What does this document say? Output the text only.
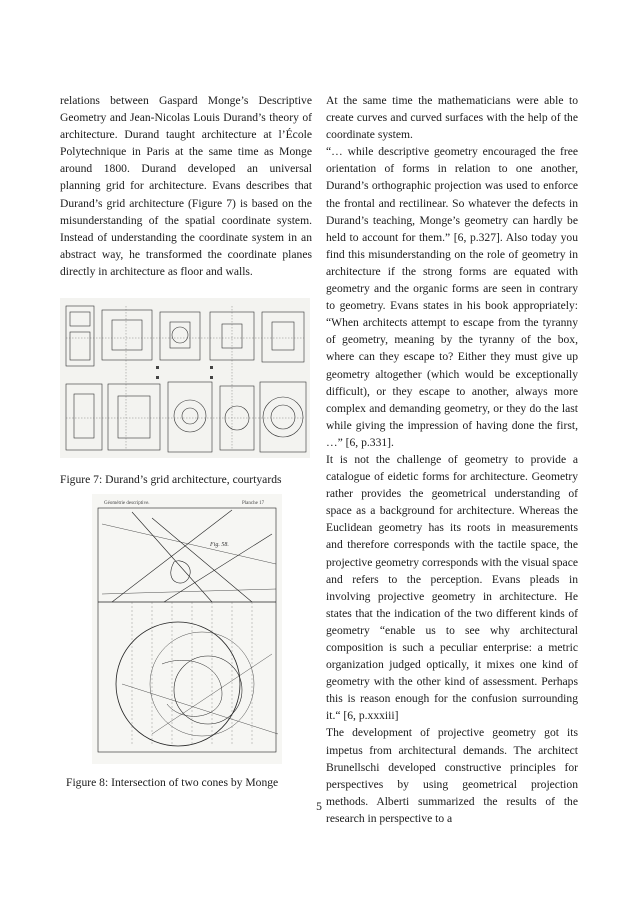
relations between Gaspard Monge’s Descriptive Geometry and Jean-Nicolas Louis Durand’s theory of architecture. Durand taught architecture at l’École Polytechnique in Paris at the same time as Monge around 1800. Durand developed an universal planning grid for architecture. Evans describes that Durand’s grid architecture (Figure 7) is based on the misunderstanding of the spatial coordinate system. Instead of understanding the coordinate system in an abstract way, he transformed the coordinate planes directly in architecture as floor and walls.

Figure 7: Durand’s grid architecture, courtyards
Géométrie descriptive.	Planche 17
Fig. 58.
Figure 8: Intersection of two cones by Monge

At the same time the mathematicians were able to create curves and curved surfaces with the help of the coordinate system.

“… while descriptive geometry encouraged the free orientation of forms in relation to one another, Durand’s orthographic projection was used to enforce the frontal and rectilinear. So whatever the defects in Durand’s teaching, Monge’s geometry can hardly be held to account for them.” [6, p.327]. Also today you find this misunderstanding on the role of geometry in architecture if the strong forms are equated with geometry and the organic forms are seen in contrary to geometry. Evans states in his book appropriately: “When architects attempt to escape from the tyranny of geometry, meaning by the tyranny of the box, where can they escape to? Either they must give up geometry altogether (which would be exceptionally difficult), or they escape to another, always more complex and demanding geometry, or they do the last while giving the impression of having done the first, …” [6, p.331].

It is not the challenge of geometry to provide a catalogue of eidetic forms for architecture. Geometry rather provides the geometrical understanding of space as a background for architecture. Whereas the Euclidean geometry has its roots in measurements and therefore corresponds with the tactile space, the projective geometry corresponds with the visual space and refers to the perception. Evans pleads in involving projective geometry in architecture. He states that the indication of the two different kinds of geometry “enable us to see why architectural composition is such a peculiar enterprise: a metric organization judged optically, it mixes one kind of geometry with the other kind of assessment. Perhaps this is reason enough for the confusion surrounding it.“ [6, p.xxxiii]

The development of projective geometry got its impetus from architectural demands. The architect Brunellschi developed constructive principles for perspectives by using geometrical projection methods. Alberti summarized the results of the research in perspective to a

5
